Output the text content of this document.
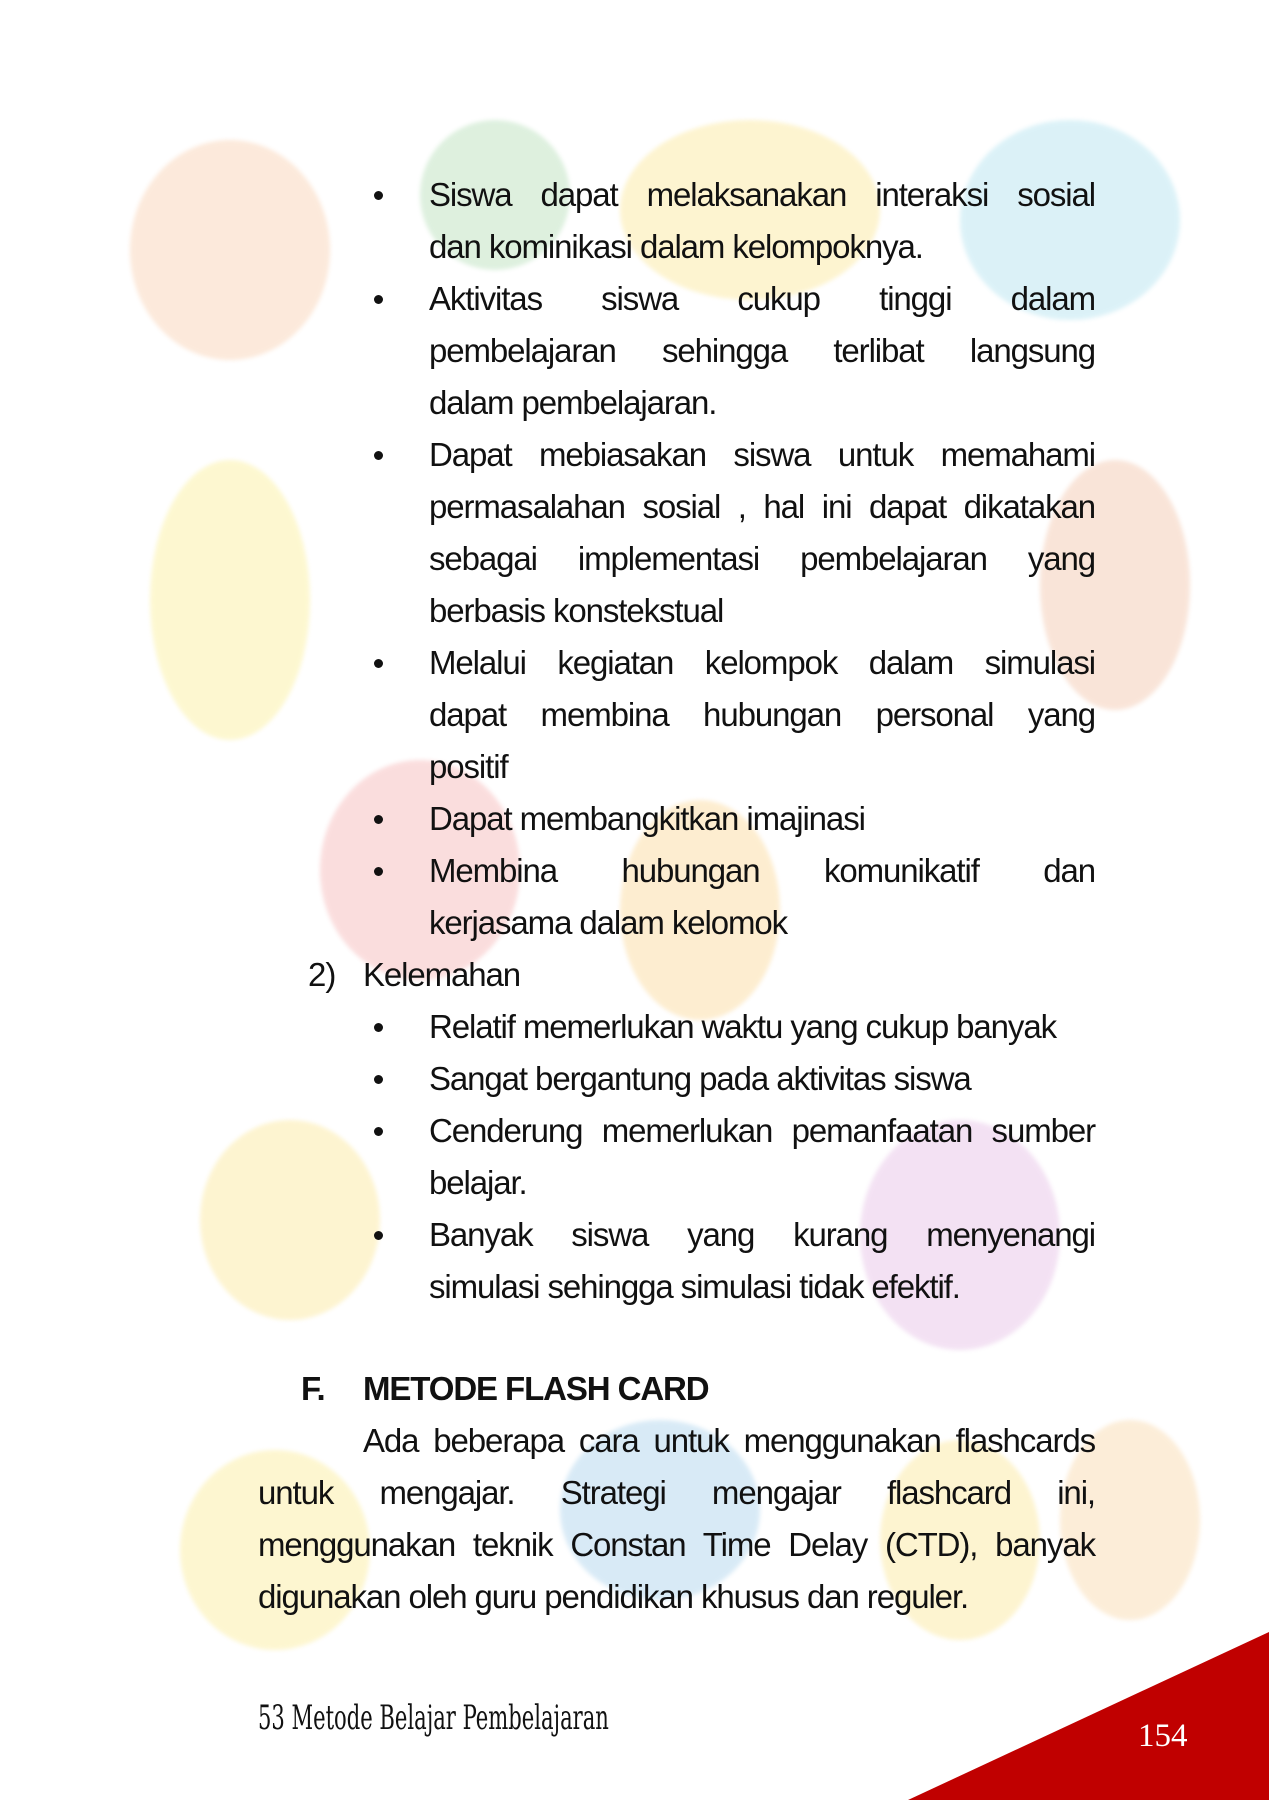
Siswa dapat melaksanakan interaksi sosial
dan kominikasi dalam kelompoknya.
Aktivitas siswa cukup tinggi dalam
pembelajaran sehingga terlibat langsung
dalam pembelajaran.
Dapat mebiasakan siswa untuk memahami
permasalahan sosial , hal ini dapat dikatakan
sebagai implementasi pembelajaran yang
berbasis konstekstual
Melalui kegiatan kelompok dalam simulasi
dapat membina hubungan personal yang
positif
Dapat membangkitkan imajinasi
Membina hubungan komunikatif dan
kerjasama dalam kelomok
2) Kelemahan
Relatif memerlukan waktu yang cukup banyak
Sangat bergantung pada aktivitas siswa
Cenderung memerlukan pemanfaatan sumber
belajar.
Banyak siswa yang kurang menyenangi
simulasi sehingga simulasi tidak efektif.
F. METODE FLASH CARD
Ada beberapa cara untuk menggunakan flashcards
untuk mengajar. Strategi mengajar flashcard ini,
menggunakan teknik Constan Time Delay (CTD), banyak
digunakan oleh guru pendidikan khusus dan reguler.
53 Metode Belajar Pembelajaran	154
